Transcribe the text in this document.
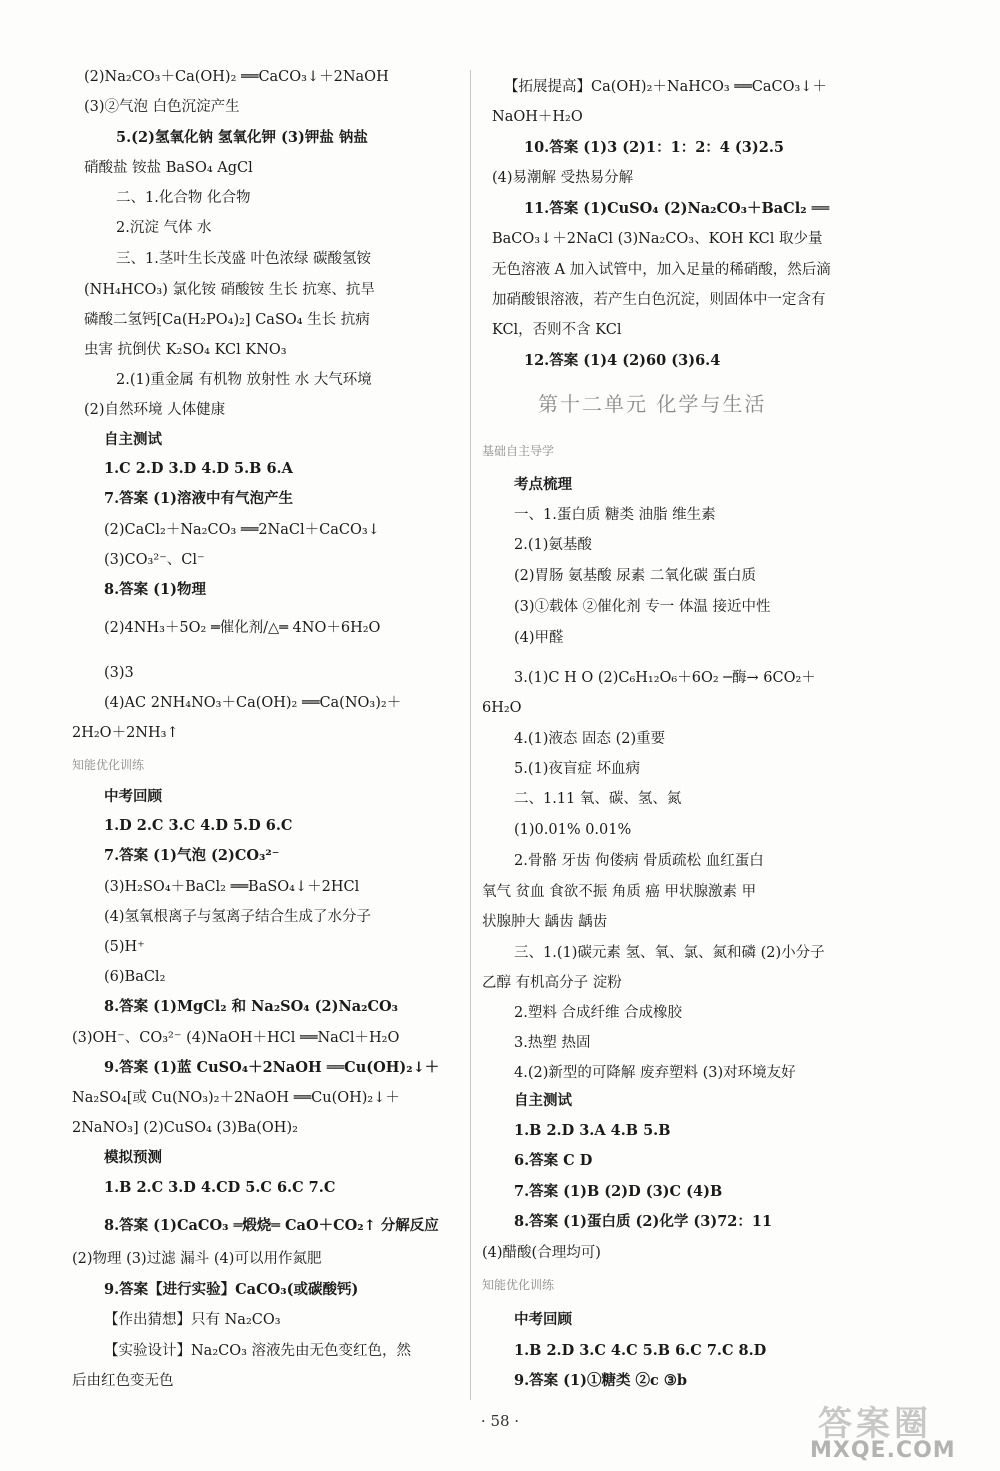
(2)Na₂CO₃＋Ca(OH)₂ ══CaCO₃↓＋2NaOH
(3)②气泡 白色沉淀产生
5.(2)氢氧化钠 氢氧化钾 (3)钾盐 钠盐
硝酸盐 铵盐 BaSO₄ AgCl
二、1.化合物 化合物
2.沉淀 气体 水
三、1.茎叶生长茂盛 叶色浓绿 碳酸氢铵
(NH₄HCO₃) 氯化铵 硝酸铵 生长 抗寒、抗旱
磷酸二氢钙[Ca(H₂PO₄)₂] CaSO₄ 生长 抗病
虫害 抗倒伏 K₂SO₄ KCl KNO₃
2.(1)重金属 有机物 放射性 水 大气环境
(2)自然环境 人体健康
自主测试
1.C 2.D 3.D 4.D 5.B 6.A
7.答案 (1)溶液中有气泡产生
(2)CaCl₂＋Na₂CO₃ ══2NaCl＋CaCO₃↓
(3)CO₃²⁻、Cl⁻
8.答案 (1)物理
(2)4NH₃＋5O₂ ═催化剂/△═ 4NO＋6H₂O
(3)3
(4)AC 2NH₄NO₃＋Ca(OH)₂ ══Ca(NO₃)₂＋
2H₂O＋2NH₃↑
知能优化训练
中考回顾
1.D 2.C 3.C 4.D 5.D 6.C
7.答案 (1)气泡 (2)CO₃²⁻
(3)H₂SO₄＋BaCl₂ ══BaSO₄↓＋2HCl
(4)氢氧根离子与氢离子结合生成了水分子
(5)H⁺
(6)BaCl₂
8.答案 (1)MgCl₂ 和 Na₂SO₄ (2)Na₂CO₃
(3)OH⁻、CO₃²⁻ (4)NaOH＋HCl ══NaCl＋H₂O
9.答案 (1)蓝 CuSO₄＋2NaOH ══Cu(OH)₂↓＋
Na₂SO₄[或 Cu(NO₃)₂＋2NaOH ══Cu(OH)₂↓＋
2NaNO₃] (2)CuSO₄ (3)Ba(OH)₂
模拟预测
1.B 2.C 3.D 4.CD 5.C 6.C 7.C
8.答案 (1)CaCO₃ ═煅烧═ CaO＋CO₂↑ 分解反应
(2)物理 (3)过滤 漏斗 (4)可以用作氮肥
9.答案【进行实验】CaCO₃(或碳酸钙)
【作出猜想】只有 Na₂CO₃
【实验设计】Na₂CO₃ 溶液先由无色变红色，然
后由红色变无色
【拓展提高】Ca(OH)₂＋NaHCO₃ ══CaCO₃↓＋
NaOH＋H₂O
10.答案 (1)3 (2)1：1：2：4 (3)2.5
(4)易潮解 受热易分解
11.答案 (1)CuSO₄ (2)Na₂CO₃＋BaCl₂ ══
BaCO₃↓＋2NaCl (3)Na₂CO₃、KOH KCl 取少量
无色溶液 A 加入试管中，加入足量的稀硝酸，然后滴
加硝酸银溶液，若产生白色沉淀，则固体中一定含有
KCl，否则不含 KCl
12.答案 (1)4 (2)60 (3)6.4
第十二单元 化学与生活
基础自主导学
考点梳理
一、1.蛋白质 糖类 油脂 维生素
2.(1)氨基酸
(2)胃肠 氨基酸 尿素 二氧化碳 蛋白质
(3)①载体 ②催化剂 专一 体温 接近中性
(4)甲醛
3.(1)C H O (2)C₆H₁₂O₆＋6O₂ ─酶→ 6CO₂＋
6H₂O
4.(1)液态 固态 (2)重要
5.(1)夜盲症 坏血病
二、1.11 氧、碳、氢、氮
(1)0.01% 0.01%
2.骨骼 牙齿 佝偻病 骨质疏松 血红蛋白
氧气 贫血 食欲不振 角质 癌 甲状腺激素 甲
状腺肿大 龋齿 龋齿
三、1.(1)碳元素 氢、氧、氯、氮和磷 (2)小分子
乙醇 有机高分子 淀粉
2.塑料 合成纤维 合成橡胶
3.热塑 热固
4.(2)新型的可降解 废弃塑料 (3)对环境友好
自主测试
1.B 2.D 3.A 4.B 5.B
6.答案 C D
7.答案 (1)B (2)D (3)C (4)B
8.答案 (1)蛋白质 (2)化学 (3)72：11
(4)醋酸(合理均可)
知能优化训练
中考回顾
1.B 2.D 3.C 4.C 5.B 6.C 7.C 8.D
9.答案 (1)①糖类 ②c ③b
· 58 ·	答案圈
MXQE.COM
